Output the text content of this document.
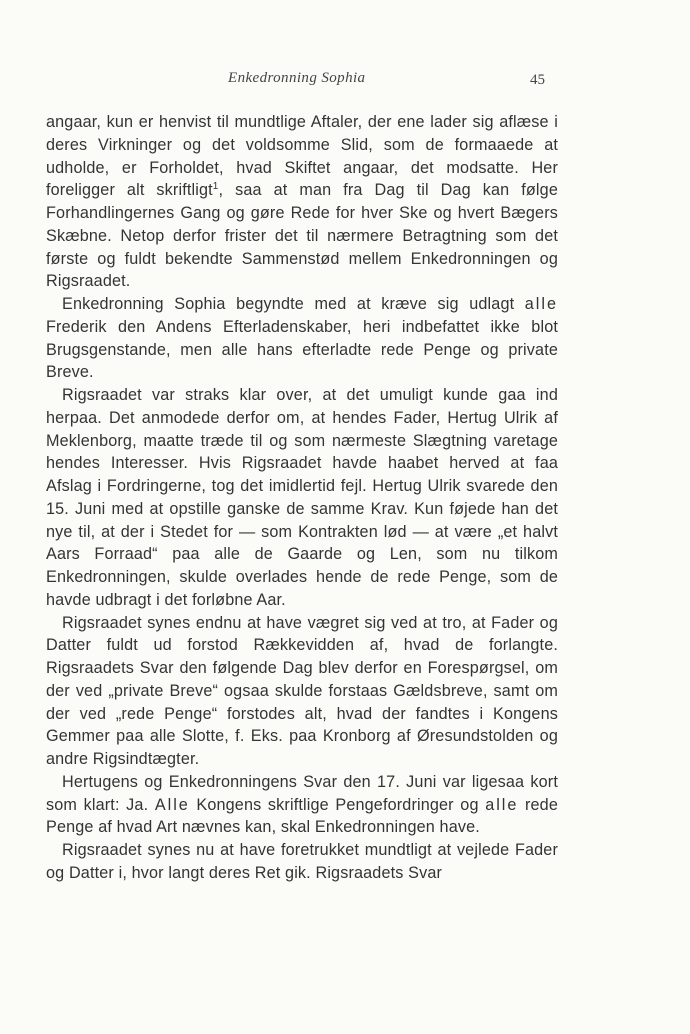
Enkedronning Sophia	45

angaar, kun er henvist til mundtlige Aftaler, der ene lader sig aflæse i deres Virkninger og det voldsomme Slid, som de formaaede at udholde, er Forholdet, hvad Skiftet angaar, det modsatte. Her foreligger alt skriftligt$^1$, saa at man fra Dag til Dag kan følge Forhandlingernes Gang og gøre Rede for hver Ske og hvert Bægers Skæbne. Netop derfor frister det til nærmere Betragtning som det første og fuldt bekendte Sammenstød mellem Enkedronningen og Rigsraadet.

Enkedronning Sophia begyndte med at kræve sig udlagt alle Frederik den Andens Efterladenskaber, heri indbefattet ikke blot Brugsgenstande, men alle hans efterladte rede Penge og private Breve.

Rigsraadet var straks klar over, at det umuligt kunde gaa ind herpaa. Det anmodede derfor om, at hendes Fader, Hertug Ulrik af Meklenborg, maatte træde til og som nærmeste Slægtning varetage hendes Interesser. Hvis Rigsraadet havde haabet herved at faa Afslag i Fordringerne, tog det imidlertid fejl. Hertug Ulrik svarede den 15. Juni med at opstille ganske de samme Krav. Kun føjede han det nye til, at der i Stedet for — som Kontrakten lød — at være „et halvt Aars Forraad“ paa alle de Gaarde og Len, som nu tilkom Enkedronningen, skulde overlades hende de rede Penge, som de havde udbragt i det forløbne Aar.

Rigsraadet synes endnu at have vægret sig ved at tro, at Fader og Datter fuldt ud forstod Rækkevidden af, hvad de forlangte. Rigsraadets Svar den følgende Dag blev derfor en Forespørgsel, om der ved „private Breve“ ogsaa skulde forstaas Gældsbreve, samt om der ved „rede Penge“ forstodes alt, hvad der fandtes i Kongens Gemmer paa alle Slotte, f. Eks. paa Kronborg af Øresundstolden og andre Rigsindtægter.

Hertugens og Enkedronningens Svar den 17. Juni var ligesaa kort som klart: Ja. Alle Kongens skriftlige Pengefordringer og alle rede Penge af hvad Art nævnes kan, skal Enkedronningen have.

Rigsraadet synes nu at have foretrukket mundtligt at vejlede Fader og Datter i, hvor langt deres Ret gik. Rigsraadets Svar
